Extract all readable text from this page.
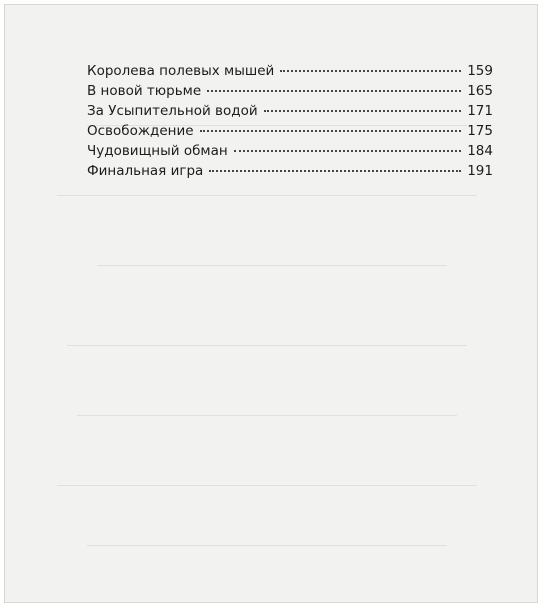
Королева полевых мышей	159
В новой тюрьме	165
За Усыпительной водой	171
Освобождение	175
Чудовищный обман	184
Финальная игра	191
